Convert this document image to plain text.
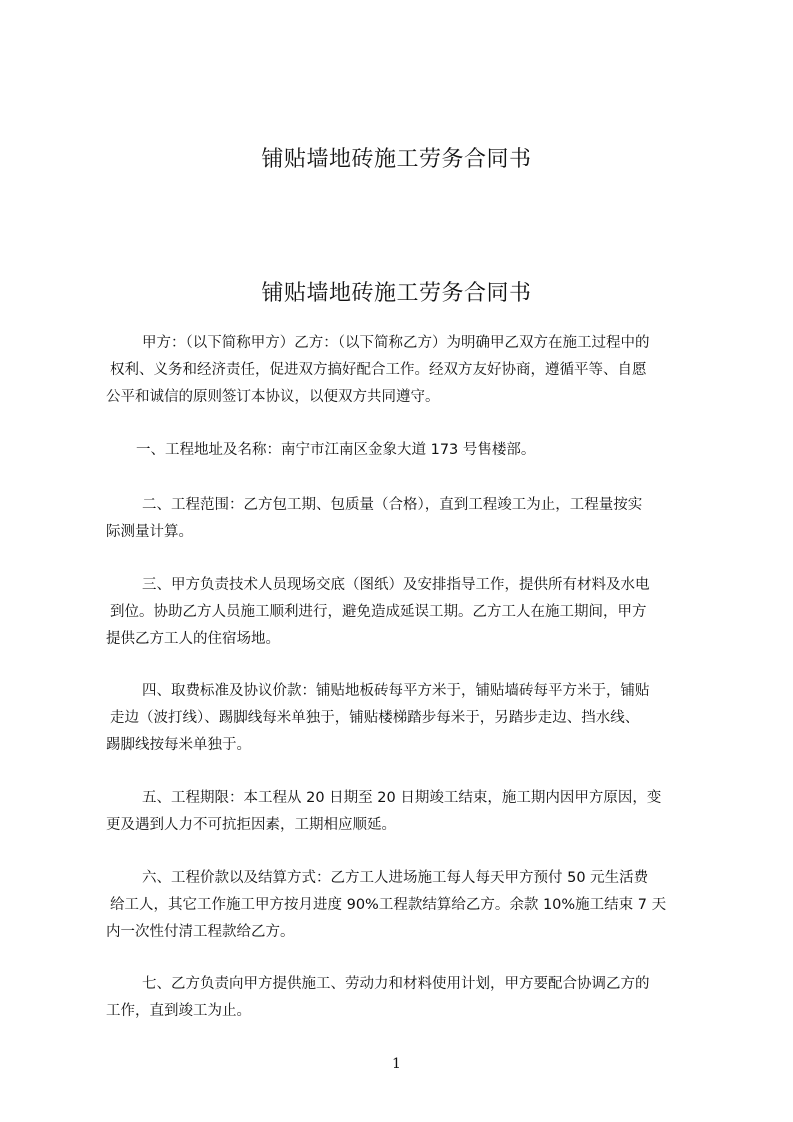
铺贴墙地砖施工劳务合同书
铺贴墙地砖施工劳务合同书
甲方：（以下简称甲方）乙方：（以下简称乙方）为明确甲乙双方在施工过程中的
权利、义务和经济责任，促进双方搞好配合工作。经双方友好协商，遵循平等、自愿
公平和诚信的原则签订本协议，以便双方共同遵守。
一、工程地址及名称：南宁市江南区金象大道 173 号售楼部。
二、工程范围：乙方包工期、包质量（合格），直到工程竣工为止，工程量按实
际测量计算。
三、甲方负责技术人员现场交底（图纸）及安排指导工作，提供所有材料及水电
到位。协助乙方人员施工顺利进行，避免造成延误工期。乙方工人在施工期间，甲方
提供乙方工人的住宿场地。
四、取费标准及协议价款：铺贴地板砖每平方米于，铺贴墙砖每平方米于，铺贴
走边（波打线）、踢脚线每米单独于，铺贴楼梯踏步每米于，另踏步走边、挡水线、
踢脚线按每米单独于。
五、工程期限：本工程从 20 日期至 20 日期竣工结束，施工期内因甲方原因，变
更及遇到人力不可抗拒因素，工期相应顺延。
六、工程价款以及结算方式：乙方工人进场施工每人每天甲方预付 50 元生活费
给工人，其它工作施工甲方按月进度 90%工程款结算给乙方。余款 10%施工结束 7 天
内一次性付清工程款给乙方。
七、乙方负责向甲方提供施工、劳动力和材料使用计划，甲方要配合协调乙方的
工作，直到竣工为止。
1
